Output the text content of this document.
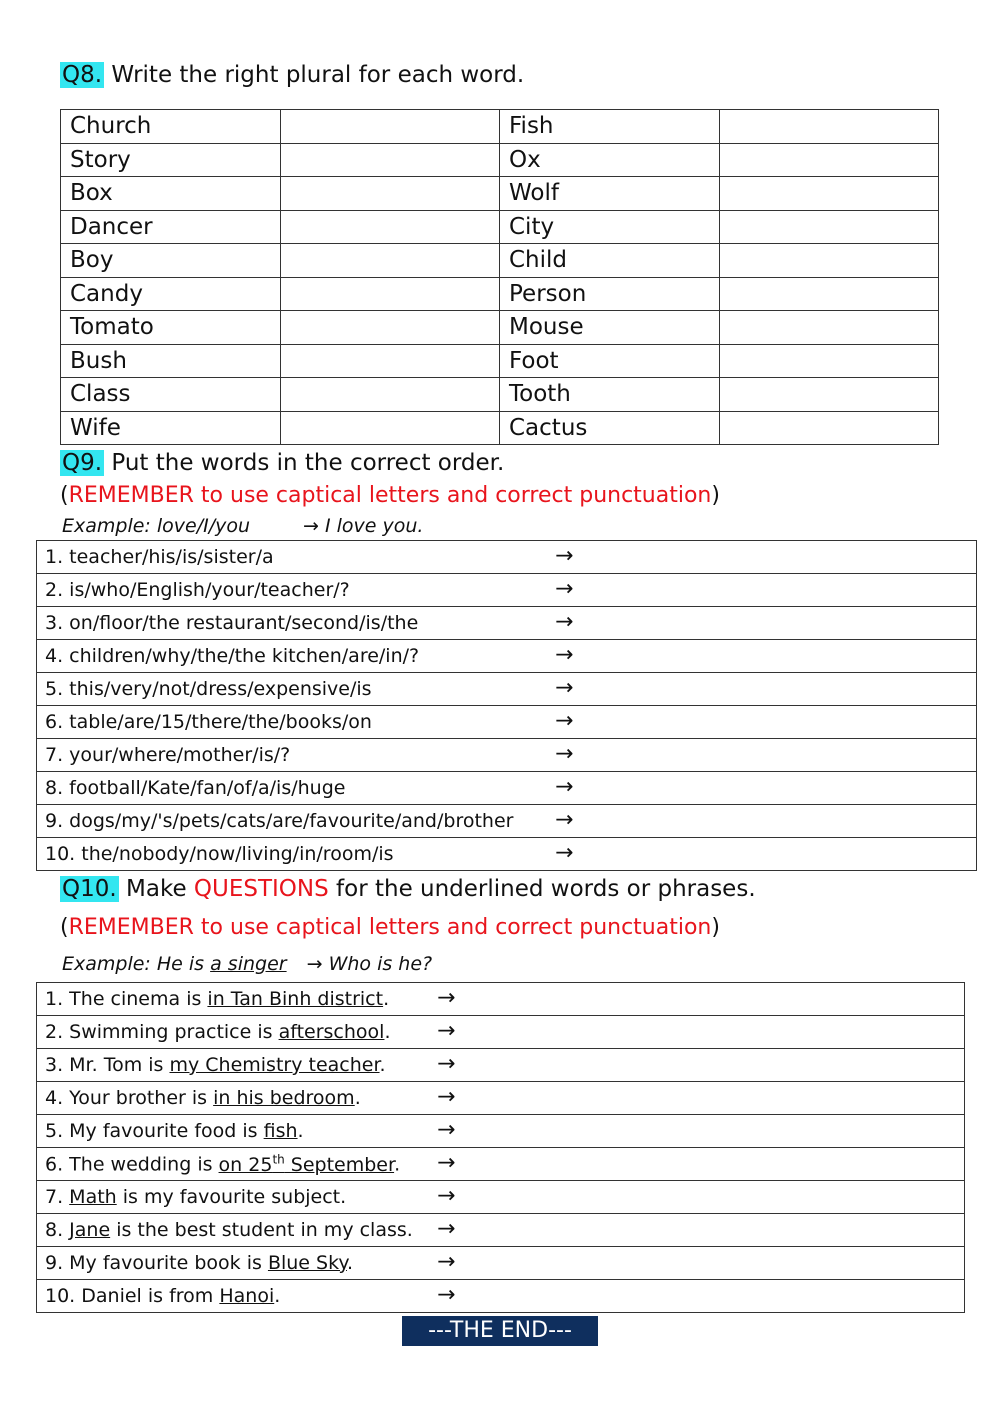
Q8. Write the right plural for each word.
Church		Fish	
Story		Ox	
Box		Wolf	
Dancer		City	
Boy		Child	
Candy		Person	
Tomato		Mouse	
Bush		Foot	
Class		Tooth	
Wife		Cactus	
Q9. Put the words in the correct order.
(REMEMBER to use captical letters and correct punctuation)
Example: love/I/you	→ I love you.
1. teacher/his/is/sister/a	→

2. is/who/English/your/teacher/?	→

3. on/floor/the restaurant/second/is/the	→

4. children/why/the/the kitchen/are/in/?	→

5. this/very/not/dress/expensive/is	→

6. table/are/15/there/the/books/on	→

7. your/where/mother/is/?	→

8. football/Kate/fan/of/a/is/huge	→

9. dogs/my/'s/pets/cats/are/favourite/and/brother →

10. the/nobody/now/living/in/room/is	→
Q10. Make QUESTIONS for the underlined words or phrases.
(REMEMBER to use captical letters and correct punctuation)
Example: He is a singer → Who is he?
1. The cinema is in Tan Binh district. →

2. Swimming practice is afterschool. →

3. Mr. Tom is my Chemistry teacher. →

4. Your brother is in his bedroom.	→

5. My favourite food is fish.	→

6. The wedding is on 25th September. →

7. Math is my favourite subject.	→

8. Jane is the best student in my class. →

9. My favourite book is Blue Sky.	→

10. Daniel is from Hanoi.	→
---THE END---
